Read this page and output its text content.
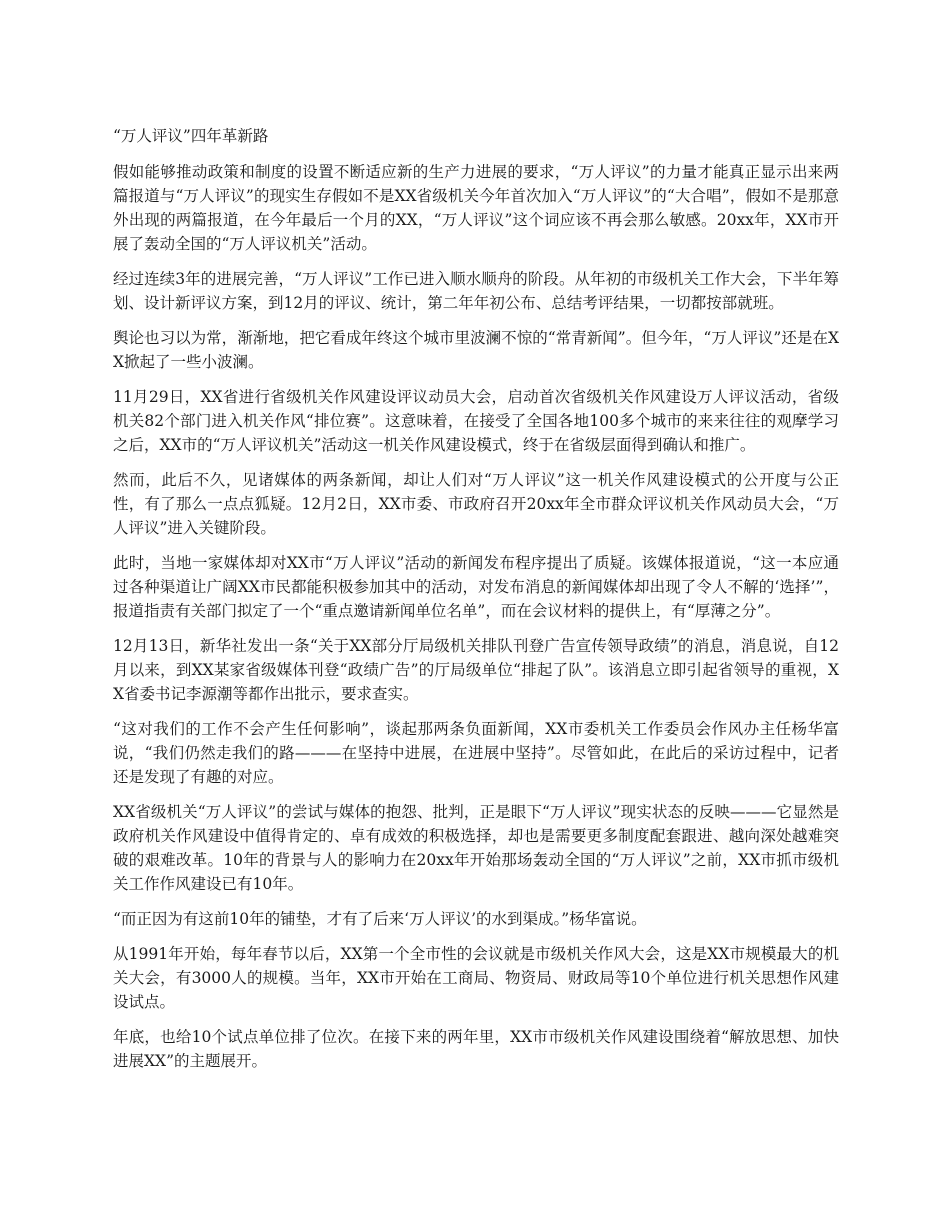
“万人评议”四年革新路

假如能够推动政策和制度的设置不断适应新的生产力进展的要求，“万人评议”的力量才能真正显示出来两篇报道与“万人评议”的现实生存假如不是XX省级机关今年首次加入“万人评议”的“大合唱”，假如不是那意外出现的两篇报道，在今年最后一个月的XX，“万人评议”这个词应该不再会那么敏感。20xx年，XX市开展了轰动全国的“万人评议机关”活动。

经过连续3年的进展完善，“万人评议”工作已进入顺水顺舟的阶段。从年初的市级机关工作大会，下半年筹划、设计新评议方案，到12月的评议、统计，第二年年初公布、总结考评结果，一切都按部就班。

舆论也习以为常，渐渐地，把它看成年终这个城市里波澜不惊的“常青新闻”。但今年，“万人评议”还是在XX掀起了一些小波澜。

11月29日，XX省进行省级机关作风建设评议动员大会，启动首次省级机关作风建设万人评议活动，省级机关82个部门进入机关作风“排位赛”。这意味着，在接受了全国各地100多个城市的来来往往的观摩学习之后，XX市的“万人评议机关”活动这一机关作风建设模式，终于在省级层面得到确认和推广。

然而，此后不久，见诸媒体的两条新闻，却让人们对“万人评议”这一机关作风建设模式的公开度与公正性，有了那么一点点狐疑。12月2日，XX市委、市政府召开20xx年全市群众评议机关作风动员大会，“万人评议”进入关键阶段。

此时，当地一家媒体却对XX市“万人评议”活动的新闻发布程序提出了质疑。该媒体报道说，“这一本应通过各种渠道让广阔XX市民都能积极参加其中的活动，对发布消息的新闻媒体却出现了令人不解的‘选择’”，报道指责有关部门拟定了一个“重点邀请新闻单位名单”，而在会议材料的提供上，有“厚薄之分”。

12月13日，新华社发出一条“关于XX部分厅局级机关排队刊登广告宣传领导政绩”的消息，消息说，自12月以来，到XX某家省级媒体刊登“政绩广告”的厅局级单位“排起了队”。该消息立即引起省领导的重视，XX省委书记李源潮等都作出批示，要求查实。

“这对我们的工作不会产生任何影响”，谈起那两条负面新闻，XX市委机关工作委员会作风办主任杨华富说，“我们仍然走我们的路———在坚持中进展，在进展中坚持”。尽管如此，在此后的采访过程中，记者还是发现了有趣的对应。

XX省级机关“万人评议”的尝试与媒体的抱怨、批判，正是眼下“万人评议”现实状态的反映———它显然是政府机关作风建设中值得肯定的、卓有成效的积极选择，却也是需要更多制度配套跟进、越向深处越难突破的艰难改革。10年的背景与人的影响力在20xx年开始那场轰动全国的“万人评议”之前，XX市抓市级机关工作作风建设已有10年。

“而正因为有这前10年的铺垫，才有了后来‘万人评议’的水到渠成。”杨华富说。

从1991年开始，每年春节以后，XX第一个全市性的会议就是市级机关作风大会，这是XX市规模最大的机关大会，有3000人的规模。当年，XX市开始在工商局、物资局、财政局等10个单位进行机关思想作风建设试点。

年底，也给10个试点单位排了位次。在接下来的两年里，XX市市级机关作风建设围绕着“解放思想、加快进展XX”的主题展开。
